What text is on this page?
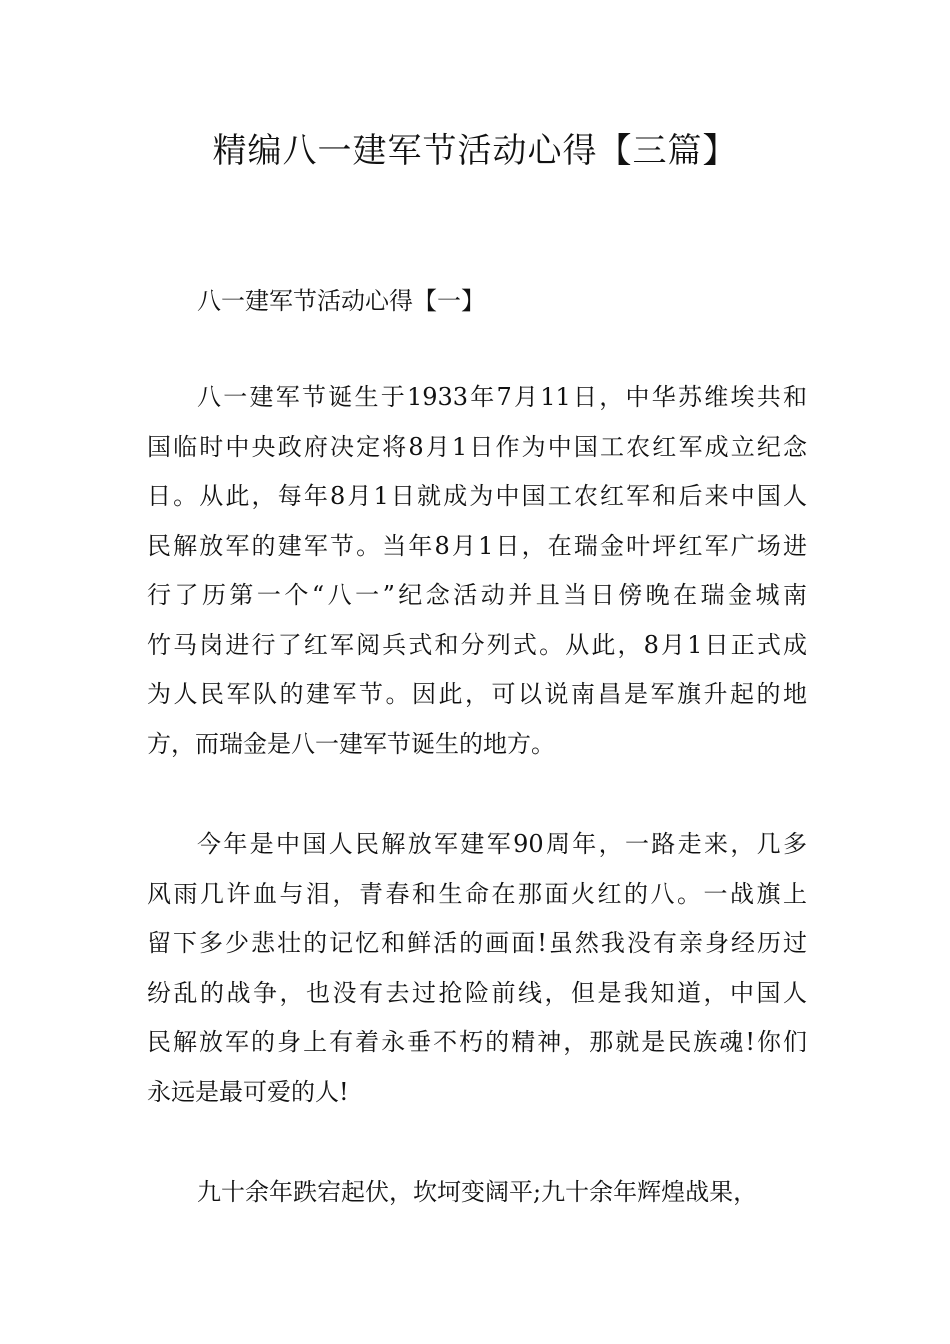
精编八一建军节活动心得【三篇】

八一建军节活动心得【一】

八一建军节诞生于1933年7月11日，中华苏维埃共和
国临时中央政府决定将8月1日作为中国工农红军成立纪念
日。从此，每年8月1日就成为中国工农红军和后来中国人
民解放军的建军节。当年8月1日，在瑞金叶坪红军广场进
行了历第一个“八一”纪念活动并且当日傍晚在瑞金城南
竹马岗进行了红军阅兵式和分列式。从此，8月1日正式成
为人民军队的建军节。因此，可以说南昌是军旗升起的地
方，而瑞金是八一建军节诞生的地方。
今年是中国人民解放军建军90周年，一路走来，几多
风雨几许血与泪，青春和生命在那面火红的八。一战旗上
留下多少悲壮的记忆和鲜活的画面!虽然我没有亲身经历过
纷乱的战争，也没有去过抢险前线，但是我知道，中国人
民解放军的身上有着永垂不朽的精神，那就是民族魂!你们
永远是最可爱的人!
九十余年跌宕起伏，坎坷变阔平;九十余年辉煌战果，
